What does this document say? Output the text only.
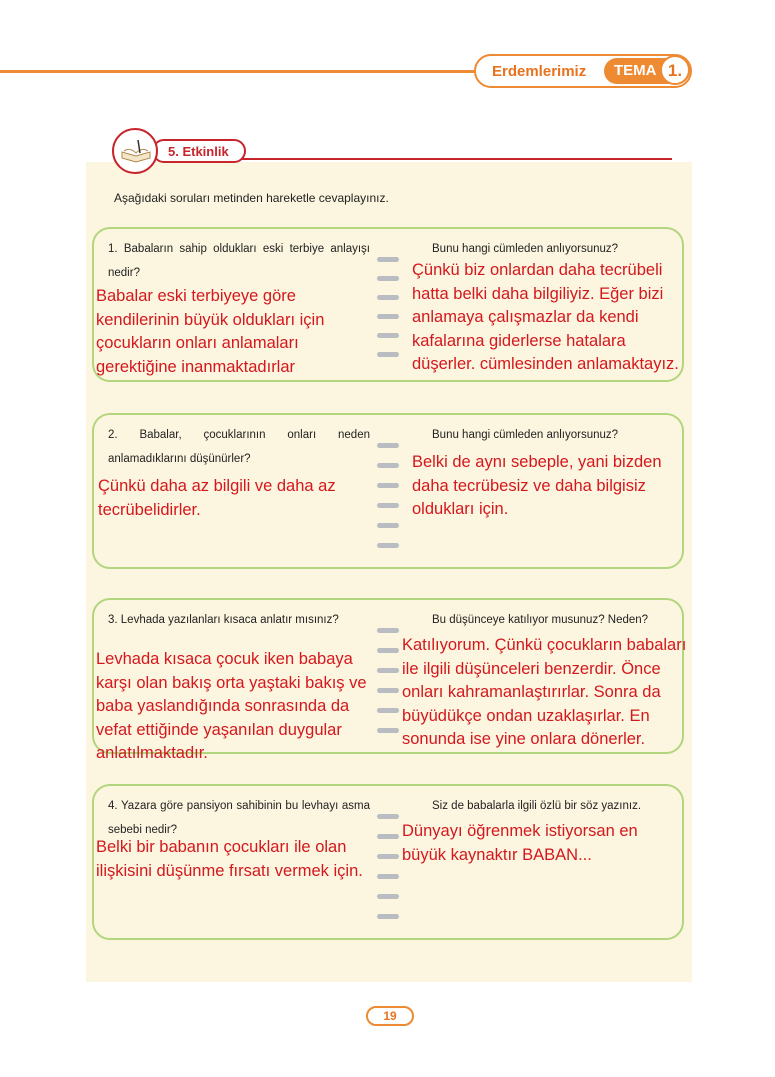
Erdemlerimiz TEMA 1.
5. Etkinlik
Aşağıdaki soruları metinden hareketle cevaplayınız.
1. Babaların sahip oldukları eski terbiye anlayışı nedir?
Babalar eski terbiyeye göre kendilerinin büyük oldukları için çocukların onları anlamaları gerektiğine inanmaktadırlar
Bunu hangi cümleden anlıyorsunuz?
Çünkü biz onlardan daha tecrübeli hatta belki daha bilgiliyiz. Eğer bizi anlamaya çalışmazlar da kendi kafalarına giderlerse hatalara düşerler. cümlesinden anlamaktayız.
2. Babalar, çocuklarının onları neden anlamadıklarını düşünürler?
Çünkü daha az bilgili ve daha az tecrübelidirler.
Bunu hangi cümleden anlıyorsunuz?
Belki de aynı sebeple, yani bizden daha tecrübesiz ve daha bilgisiz oldukları için.
3. Levhada yazılanları kısaca anlatır mısınız?
Levhada kısaca çocuk iken babaya karşı olan bakış orta yaştaki bakış ve baba yaslandığında sonrasında da vefat ettiğinde yaşanılan duygular anlatılmaktadır.
Bu düşünceye katılıyor musunuz? Neden?
Katılıyorum. Çünkü çocukların babaları ile ilgili düşünceleri benzerdir. Önce onları kahramanlaştırırlar. Sonra da büyüdükçe ondan uzaklaşırlar. En sonunda ise yine onlara dönerler.
4. Yazara göre pansiyon sahibinin bu levhayı asma sebebi nedir?
Belki bir babanın çocukları ile olan ilişkisini düşünme fırsatı vermek için.
Siz de babalarla ilgili özlü bir söz yazınız.
Dünyayı öğrenmek istiyorsan en büyük kaynaktır BABAN...
19
